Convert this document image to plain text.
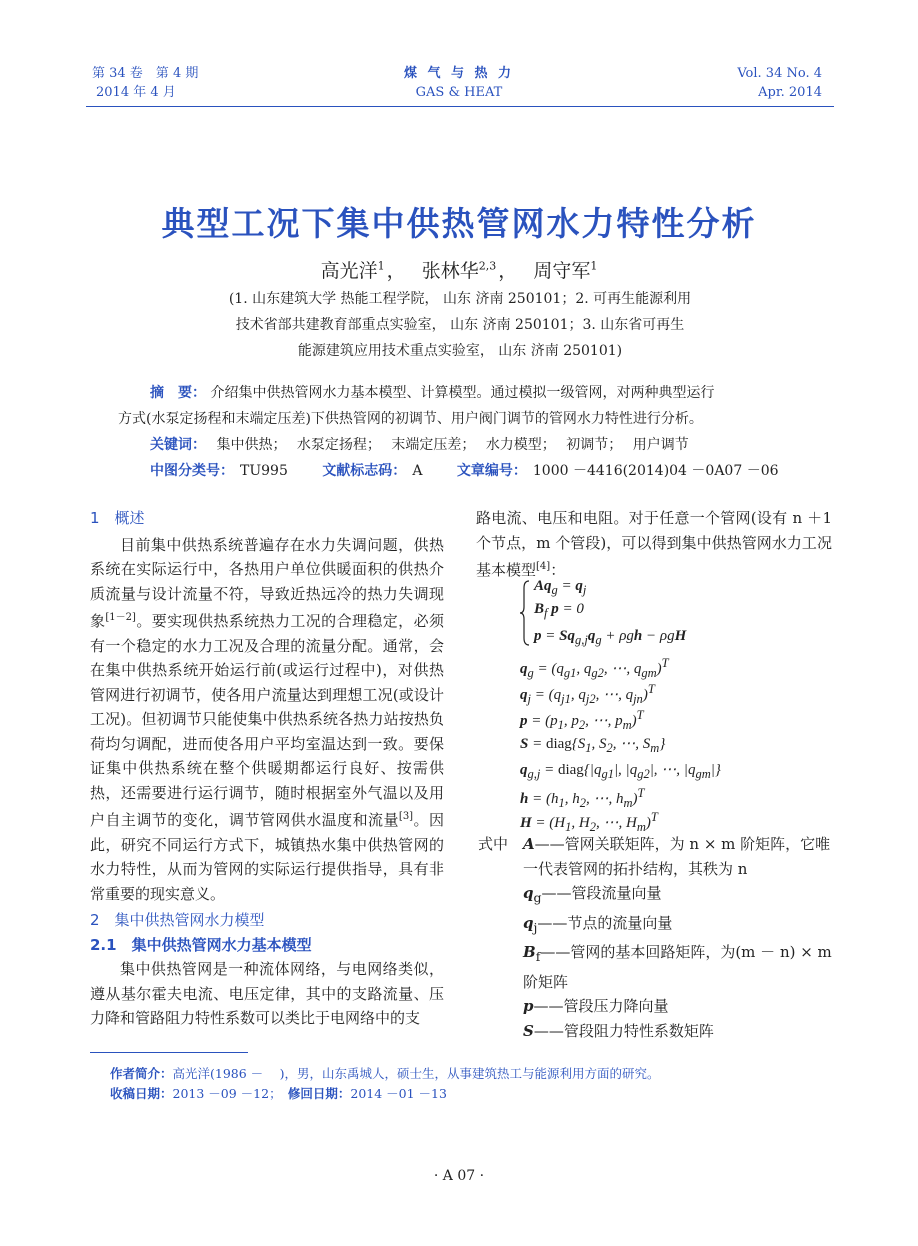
第 34 卷　第 4 期
2014 年 4 月
煤 气 与 热 力
GAS & HEAT
Vol. 34 No. 4
Apr. 2014
典型工况下集中供热管网水力特性分析
高光洋$^1$ ， 张林华$^{2,3}$ ， 周守军$^1$
(1. 山东建筑大学 热能工程学院， 山东 济南 250101；2. 可再生能源利用
技术省部共建教育部重点实验室， 山东 济南 250101；3. 山东省可再生
能源建筑应用技术重点实验室， 山东 济南 250101)
摘　要： 介绍集中供热管网水力基本模型、计算模型。通过模拟一级管网，对两种典型运行
方式(水泵定扬程和末端定压差)下供热管网的初调节、用户阀门调节的管网水力特性进行分析。
关键词： 集中供热； 水泵定扬程； 末端定压差； 水力模型； 初调节； 用户调节
中图分类号： TU995 文献标志码： A 文章编号： 1000 －4416(2014)04 －0A07 －06
1　概述

目前集中供热系统普遍存在水力失调问题，供热系统在实际运行中，各热用户单位供暖面积的供热介质流量与设计流量不符，导致近热远冷的热力失调现象[1－2]。要实现供热系统热力工况的合理稳定，必须有一个稳定的水力工况及合理的流量分配。通常，会在集中供热系统开始运行前(或运行过程中)，对供热管网进行初调节，使各用户流量达到理想工况(或设计工况)。但初调节只能使集中供热系统各热力站按热负荷均匀调配，进而使各用户平均室温达到一致。要保证集中供热系统在整个供暖期都运行良好、按需供热，还需要进行运行调节，随时根据室外气温以及用户自主调节的变化，调节管网供水温度和流量[3]。因此，研究不同运行方式下，城镇热水集中供热管网的水力特性，从而为管网的实际运行提供指导，具有非常重要的现实意义。

2　集中供热管网水力模型
2.1　集中供热管网水力基本模型

集中供热管网是一种流体网络，与电网络类似，遵从基尔霍夫电流、电压定律，其中的支路流量、压力降和管路阻力特性系数可以类比于电网络中的支

路电流、电压和电阻。对于任意一个管网(设有 n ＋1 个节点，m 个管段)，可以得到集中供热管网水力工况基本模型[4]：

$Aq_g = q_j$
$B_f$ p = 0
$p = Sq_{g,j}q_g + \rho gh - \rho gH$
$q_g = (q_{g1}$, $q_{g2}$, ⋯, $q_{gm})^T$
$q_j = (q_{j1}$, $q_{j2}$, ⋯, $q_{jn})^T$
$p = (p_1$, $p_2$, ⋯, $p_m)^T$
$S = diag\{S_1$, $S_2$, ⋯, $S_m$}
$q_{g,j}$ = $diag\{|q_{g1}|$, $|q_{g2}|$, ⋯, $|q_{gm}|$}
$h = (h_1$, $h_2$, ⋯, $h_m)^T$
$H = (H_1$, $H_2$, ⋯, $H_m)^T$
式中 A——管网关联矩阵，为 n × m 阶矩阵，它唯一代表管网的拓扑结构，其秩为 n
$q_g——$管段流量向量
$q_j——$节点的流量向量
$B_f——$管网的基本回路矩阵，为(m － n) × m 阶矩阵
p——管段压力降向量
S——管段阻力特性系数矩阵
作者简介：高光洋(1986 －　 )，男，山东禹城人，硕士生，从事建筑热工与能源利用方面的研究。
收稿日期：2013 －09 －12；　 修回日期：2014 －01 －13
· A 07 ·
